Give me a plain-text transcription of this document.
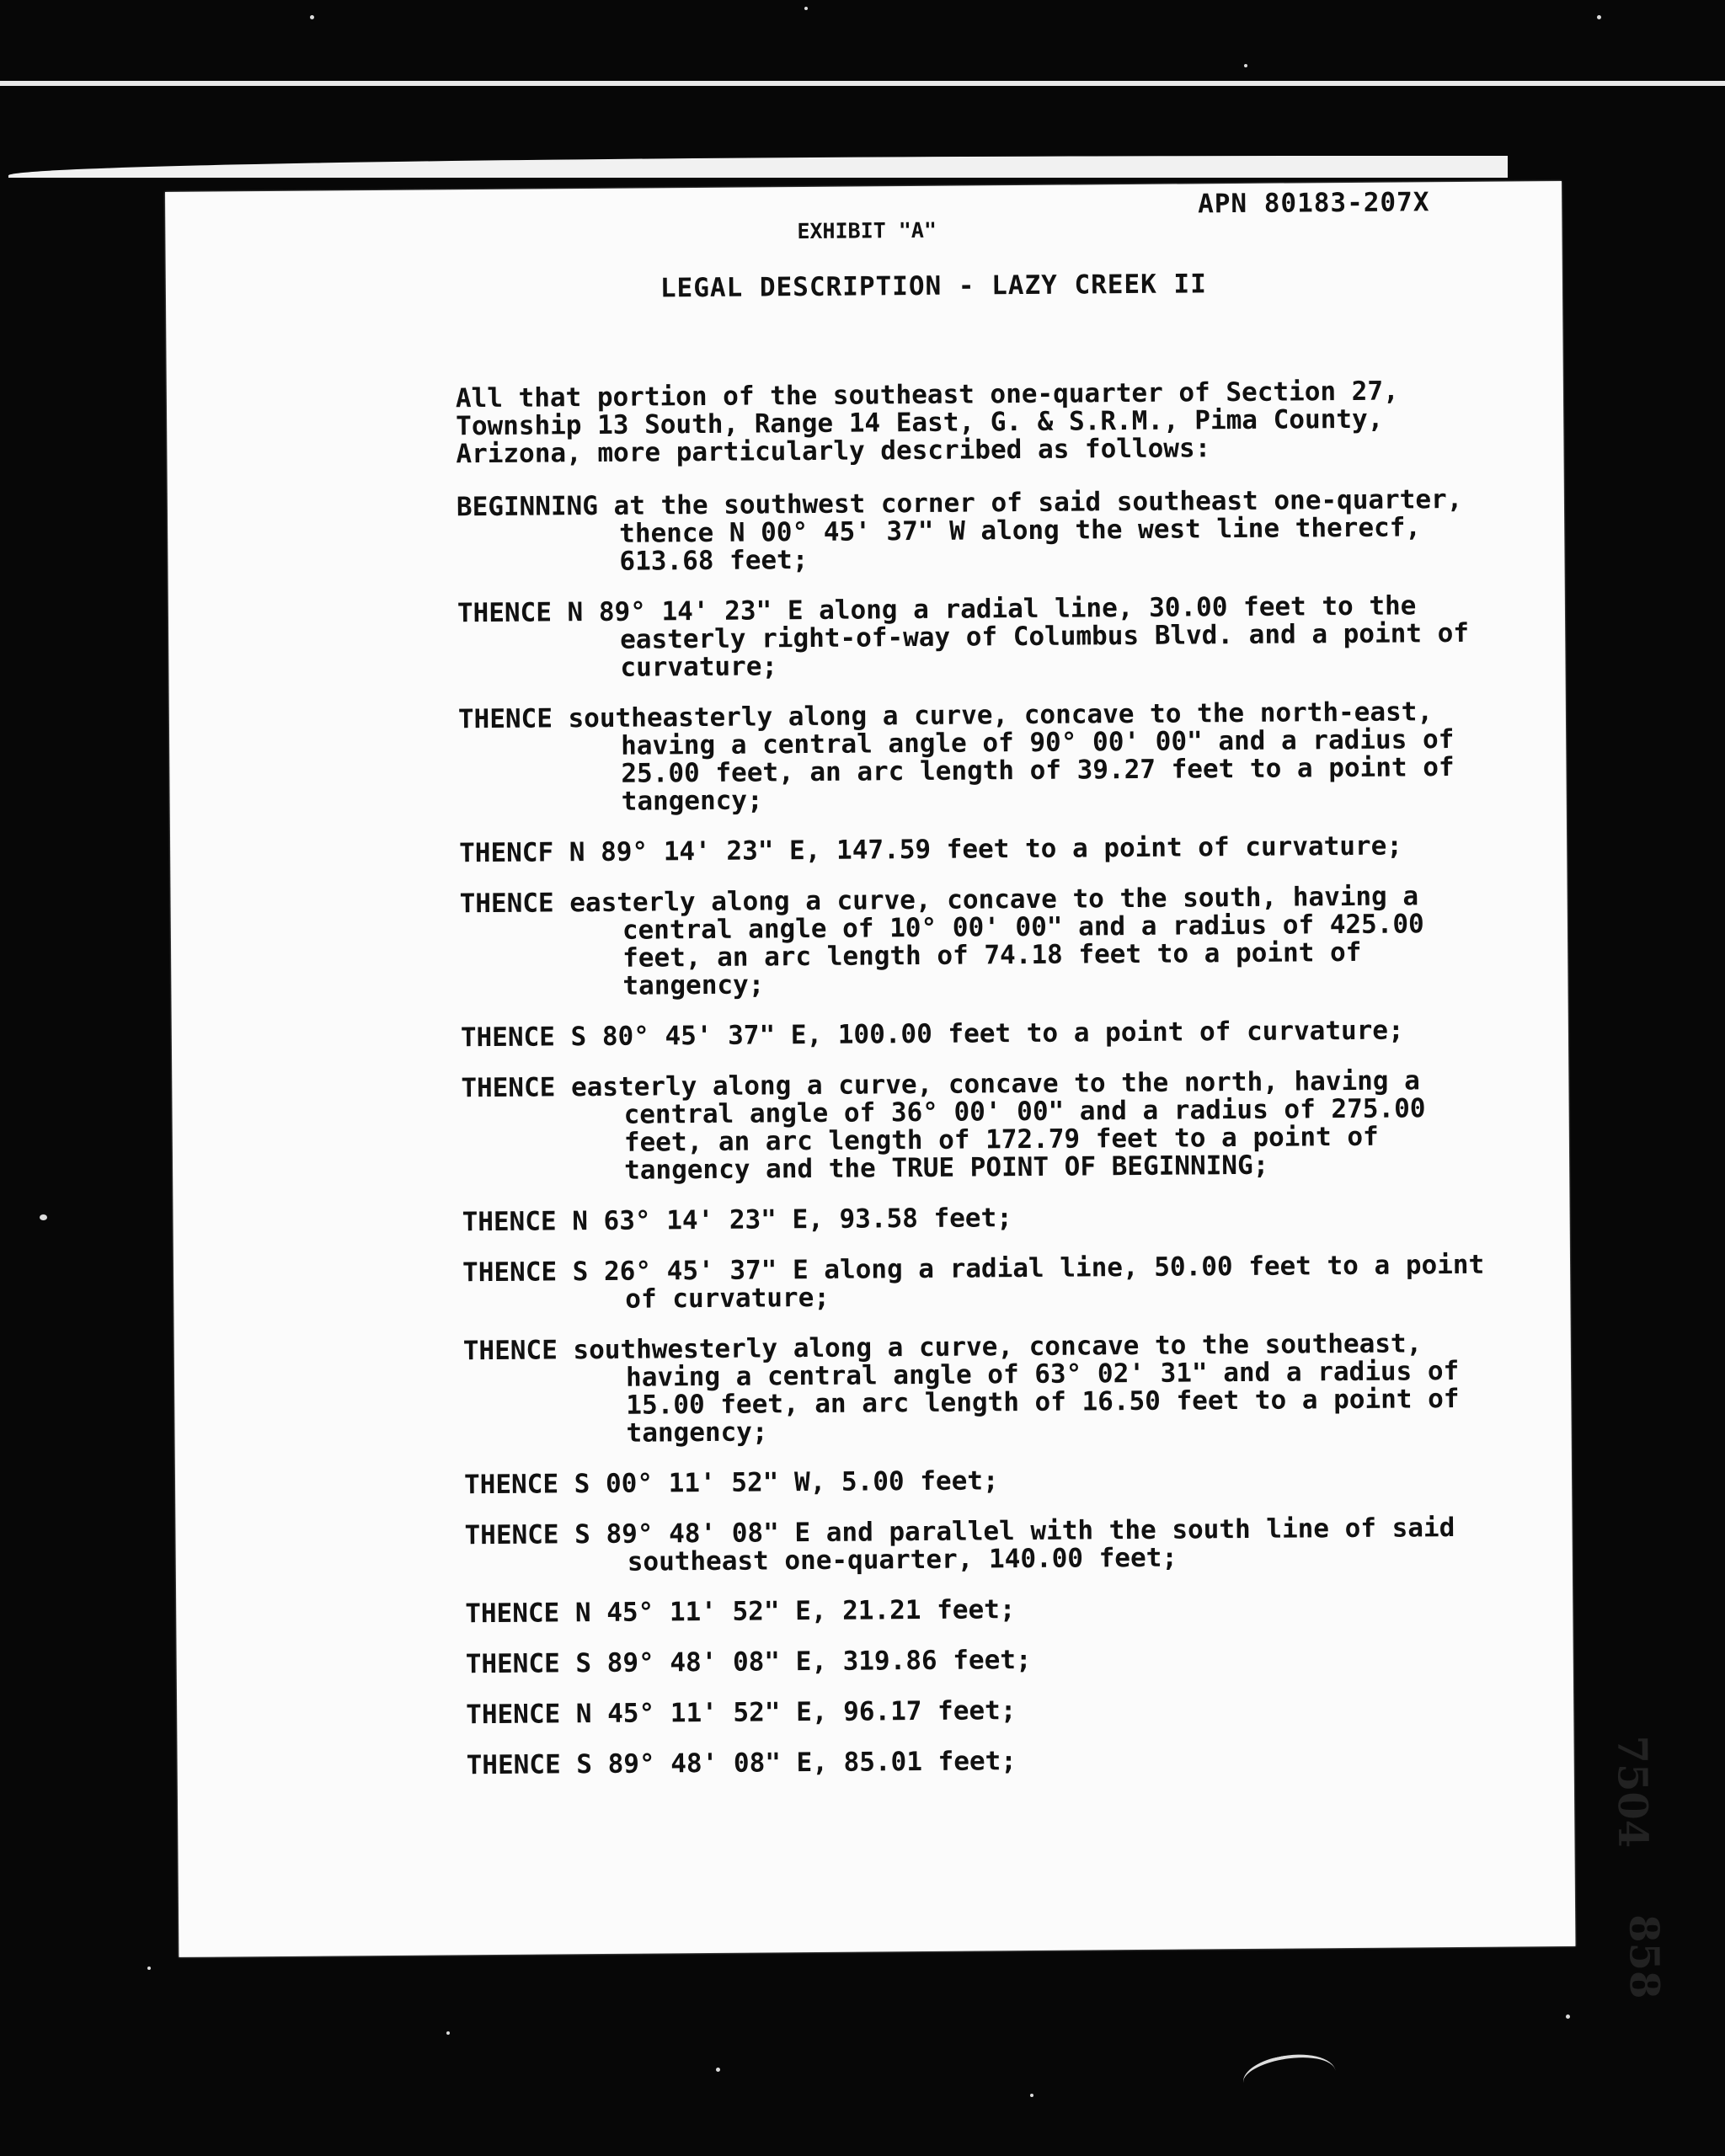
APN 80183-207X
EXHIBIT "A"
LEGAL DESCRIPTION - LAZY CREEK II

All that portion of the southeast one-quarter of Section 27, Township 13 South, Range 14 East, G. & S.R.M., Pima County, Arizona, more particularly described as follows:

BEGINNING at the southwest corner of said southeast one-quarter, thence N 00° 45' 37" W along the west line therecf, 613.68 feet;

THENCE N 89° 14' 23" E along a radial line, 30.00 feet to the easterly right-of-way of Columbus Blvd. and a point of curvature;

THENCE southeasterly along a curve, concave to the north-east, having a central angle of 90° 00' 00" and a radius of 25.00 feet, an arc length of 39.27 feet to a point of tangency;

THENCF N 89° 14' 23" E, 147.59 feet to a point of curvature;

THENCE easterly along a curve, concave to the south, having a central angle of 10° 00' 00" and a radius of 425.00 feet, an arc length of 74.18 feet to a point of tangency;

THENCE S 80° 45' 37" E, 100.00 feet to a point of curvature;

THENCE easterly along a curve, concave to the north, having a central angle of 36° 00' 00" and a radius of 275.00 feet, an arc length of 172.79 feet to a point of tangency and the TRUE POINT OF BEGINNING;

THENCE N 63° 14' 23" E, 93.58 feet;

THENCE S 26° 45' 37" E along a radial line, 50.00 feet to a point of curvature;

THENCE southwesterly along a curve, concave to the southeast, having a central angle of 63° 02' 31" and a radius of 15.00 feet, an arc length of 16.50 feet to a point of tangency;

THENCE S 00° 11' 52" W, 5.00 feet;

THENCE S 89° 48' 08" E and parallel with the south line of said southeast one-quarter, 140.00 feet;

THENCE N 45° 11' 52" E, 21.21 feet;

THENCE S 89° 48' 08" E, 319.86 feet;

THENCE N 45° 11' 52" E, 96.17 feet;

THENCE S 89° 48' 08" E, 85.01 feet;	7504
858
